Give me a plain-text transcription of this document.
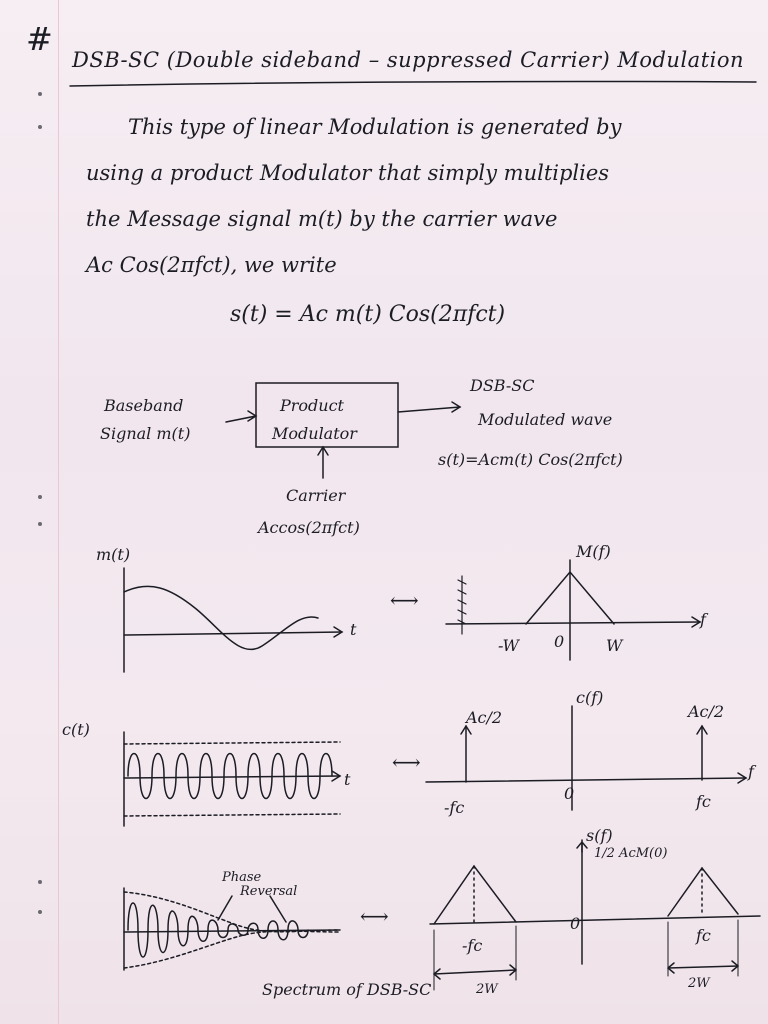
#
DSB-SC (Double sideband – suppressed Carrier) Modulation
This type of linear Modulation is generated by
using a product Modulator that simply multiplies
the Message signal m(t) by the carrier wave
Ac Cos(2πfct), we write
s(t) = Ac m(t) Cos(2πfct)
Baseband
Signal m(t)
Product
Modulator
DSB-SC
Modulated wave
s(t)=Acm(t) Cos(2πfct)
Carrier
Accos(2πfct)
m(t)	M(f)
t
f
-W 0	W
⟷
c(t)
c(f)
Ac/2	Ac/2
t	f
-fc
0	fc
⟷
s(f)
1/2 AcM(0)
Phase
Reversal
⟷	0
-fc
fc
2W
Spectrum of DSB-SC	2W
